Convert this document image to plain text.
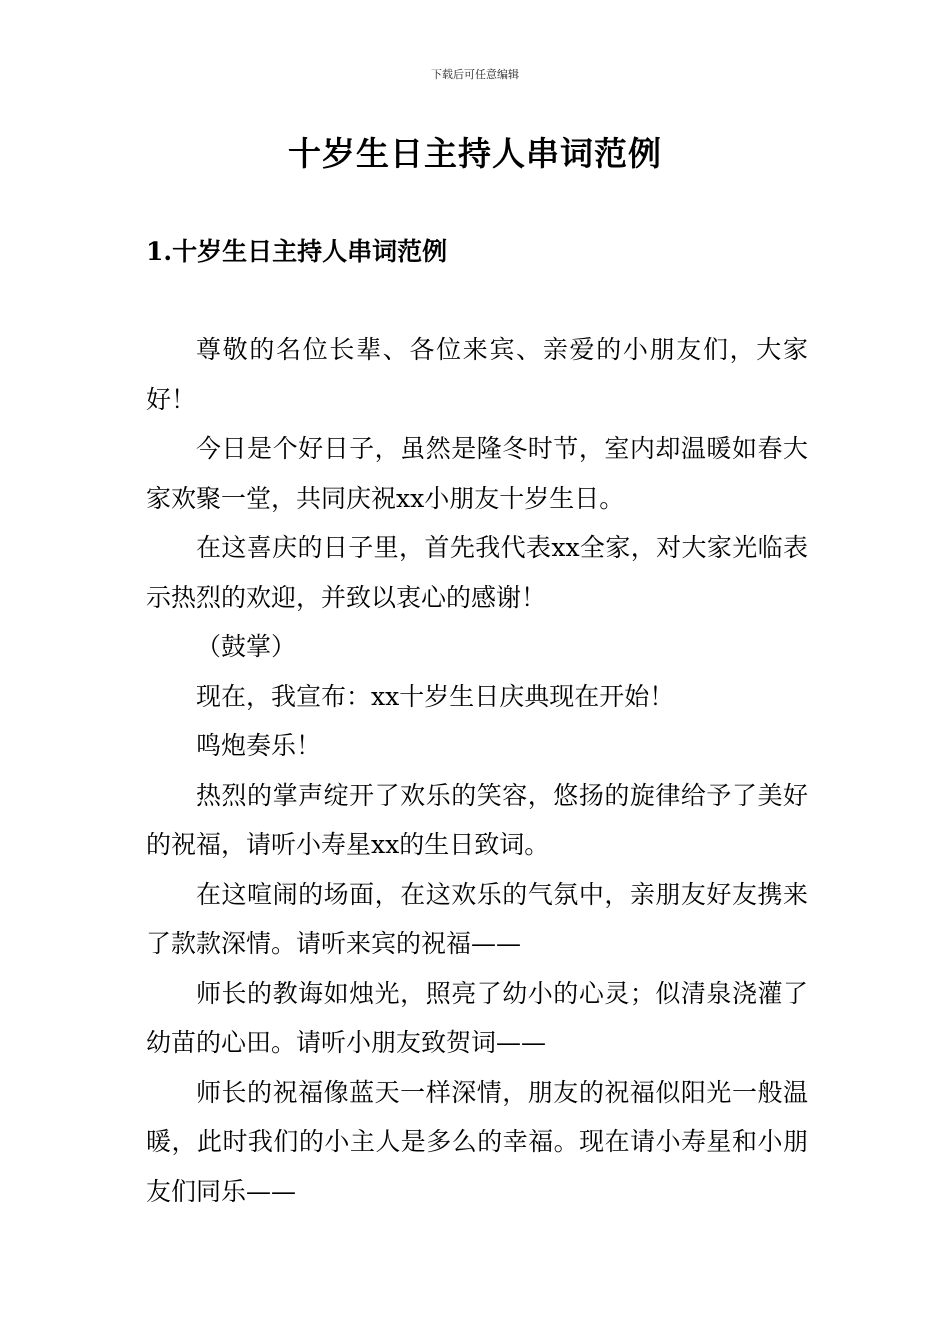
下载后可任意编辑
十岁生日主持人串词范例
1.十岁生日主持人串词范例

尊敬的名位长辈、各位来宾、亲爱的小朋友们，大家好！

今日是个好日子，虽然是隆冬时节，室内却温暖如春大家欢聚一堂，共同庆祝xx小朋友十岁生日。

在这喜庆的日子里，首先我代表xx全家，对大家光临表示热烈的欢迎，并致以衷心的感谢！

（鼓掌）

现在，我宣布：xx十岁生日庆典现在开始！

鸣炮奏乐！

热烈的掌声绽开了欢乐的笑容，悠扬的旋律给予了美好的祝福，请听小寿星xx的生日致词。

在这喧闹的场面，在这欢乐的气氛中，亲朋友好友携来了款款深情。请听来宾的祝福——

师长的教诲如烛光，照亮了幼小的心灵；似清泉浇灌了幼苗的心田。请听小朋友致贺词——

师长的祝福像蓝天一样深情，朋友的祝福似阳光一般温暖，此时我们的小主人是多么的幸福。现在请小寿星和小朋友们同乐——
